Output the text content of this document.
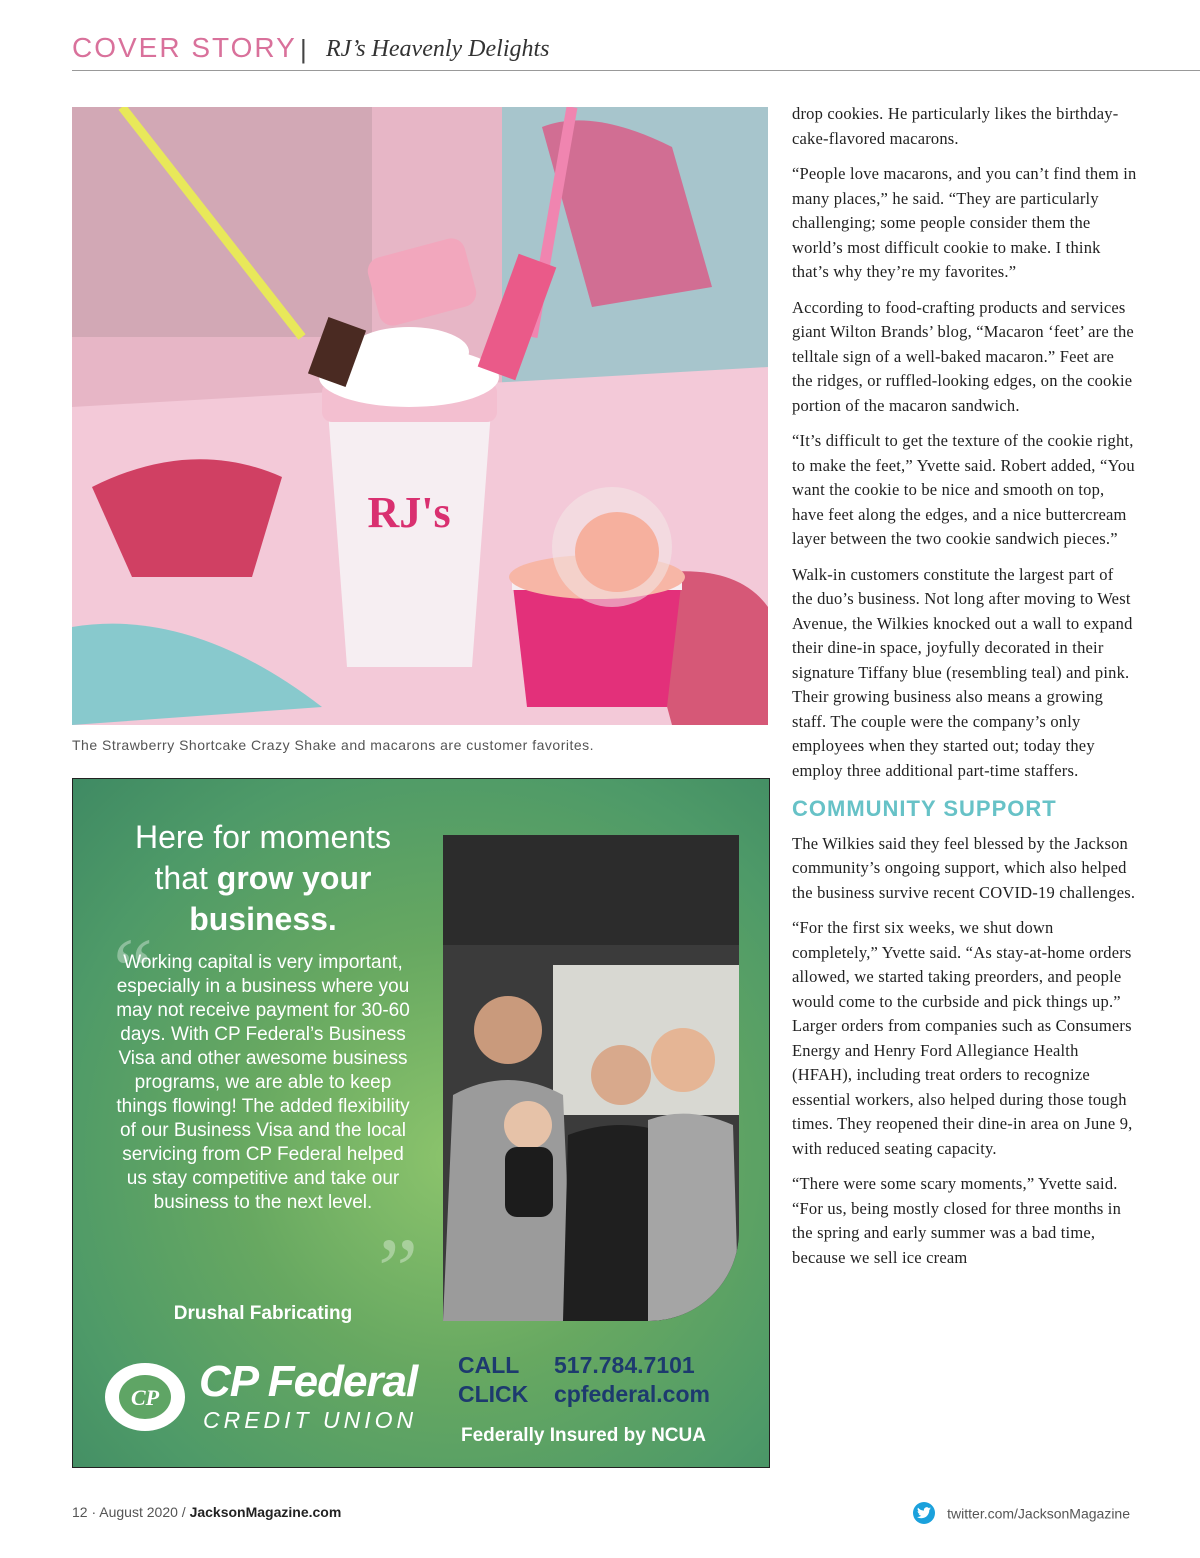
COVER STORY | RJ’s Heavenly Delights
RJ's
The Strawberry Shortcake Crazy Shake and macarons are customer favorites.
Here for moments
that grow your
business.
“
Working capital is very important, especially in a business where you may not receive payment for 30-60 days. With CP Federal’s Business Visa and other awesome business programs, we are able to keep things flowing! The added flexibility of our Business Visa and the local servicing from CP Federal helped us stay competitive and take our business to the next level.
”
Drushal Fabricating
CP CP Federal
CREDIT UNION
CALL 517.784.7101
CLICK cpfederal.com
Federally Insured by NCUA

drop cookies. He particularly likes the birthday-cake-flavored macarons.

“People love macarons, and you can’t find them in many places,” he said. “They are particularly challenging; some people consider them the world’s most difficult cookie to make. I think that’s why they’re my favorites.”

According to food-crafting products and services giant Wilton Brands’ blog, “Macaron ‘feet’ are the telltale sign of a well-baked macaron.” Feet are the ridges, or ruffled-looking edges, on the cookie portion of the macaron sandwich.

“It’s difficult to get the texture of the cookie right, to make the feet,” Yvette said. Robert added, “You want the cookie to be nice and smooth on top, have feet along the edges, and a nice buttercream layer between the two cookie sandwich pieces.”

Walk-in customers constitute the largest part of the duo’s business. Not long after moving to West Avenue, the Wilkies knocked out a wall to expand their dine-in space, joyfully decorated in their signature Tiffany blue (resembling teal) and pink. Their growing business also means a growing staff. The couple were the company’s only employees when they started out; today they employ three additional part-time staffers.

COMMUNITY SUPPORT

The Wilkies said they feel blessed by the Jackson community’s ongoing support, which also helped the business survive recent COVID-19 challenges.

“For the first six weeks, we shut down completely,” Yvette said. “As stay-at-home orders allowed, we started taking preorders, and people would come to the curbside and pick things up.” Larger orders from companies such as Consumers Energy and Henry Ford Allegiance Health (HFAH), including treat orders to recognize essential workers, also helped during those tough times. They reopened their dine-in area on June 9, with reduced seating capacity.

“There were some scary moments,” Yvette said. “For us, being mostly closed for three months in the spring and early summer was a bad time, because we sell ice cream

12 · August 2020 / JacksonMagazine.com	twitter.com/JacksonMagazine
